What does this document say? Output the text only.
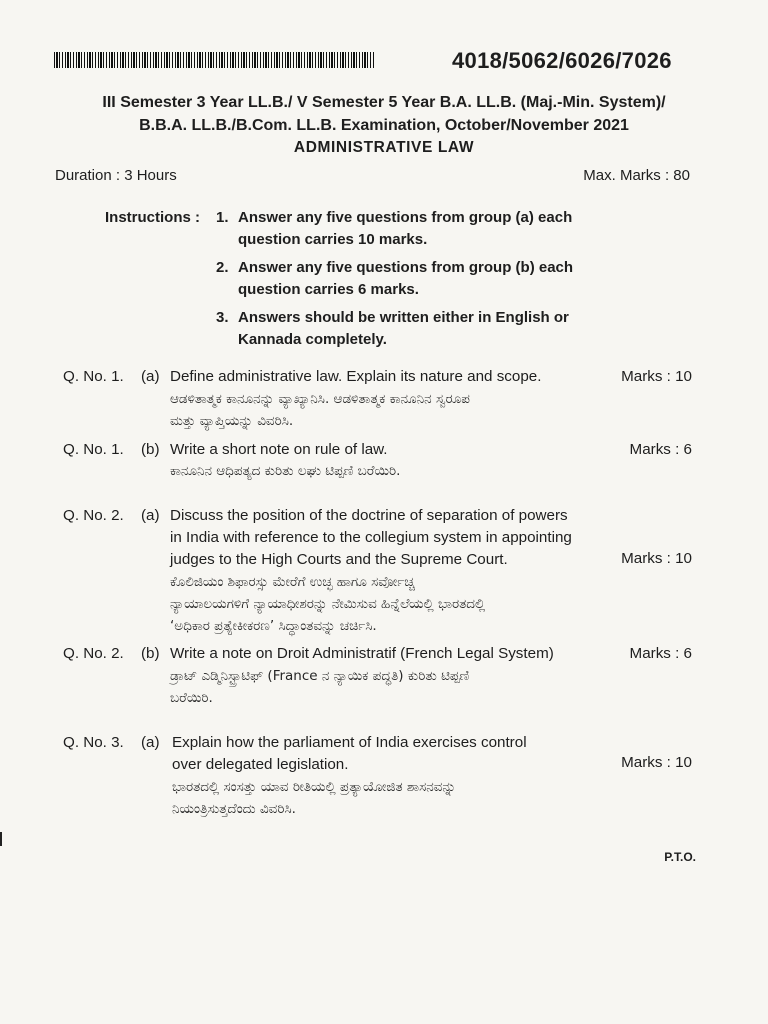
4018/5062/6026/7026
III Semester 3 Year LL.B./ V Semester 5 Year B.A. LL.B. (Maj.-Min. System)/
B.B.A. LL.B./B.Com. LL.B. Examination, October/November 2021
ADMINISTRATIVE LAW
Duration : 3 Hours	Max. Marks : 80
Instructions : 1. Answer any five questions from group (a) each
question carries 10 marks.
2. Answer any five questions from group (b) each
question carries 6 marks.
3. Answers should be written either in English or
Kannada completely.
Q. No. 1. (a) Define administrative law. Explain its nature and scope.
ಆಡಳಿತಾತ್ಮಕ ಕಾನೂನನ್ನು ವ್ಯಾಖ್ಯಾನಿಸಿ. ಆಡಳಿತಾತ್ಮಕ ಕಾನೂನಿನ ಸ್ವರೂಪ
ಮತ್ತು ವ್ಯಾಪ್ತಿಯನ್ನು ವಿವರಿಸಿ.
Marks : 10
Q. No. 1. (b) Write a short note on rule of law.
ಕಾನೂನಿನ ಆಧಿಪತ್ಯದ ಕುರಿತು ಲಘು ಟಿಪ್ಪಣಿ ಬರೆಯಿರಿ.
Marks : 6
Q. No. 2. (a) Discuss the position of the doctrine of separation of powers
in India with reference to the collegium system in appointing
judges to the High Courts and the Supreme Court.
ಕೊಲಿಜಿಯಂ ಶಿಫಾರಸ್ಸು ಮೇರೆಗೆ ಉಚ್ಛ ಹಾಗೂ ಸರ್ವೋಚ್ಚ
ನ್ಯಾಯಾಲಯಗಳಿಗೆ ನ್ಯಾಯಾಧೀಶರನ್ನು ನೇಮಿಸುವ ಹಿನ್ನೆಲೆಯಲ್ಲಿ ಭಾರತದಲ್ಲಿ
‘ಅಧಿಕಾರ ಪ್ರತ್ಯೇಕೀಕರಣ’ ಸಿದ್ಧಾಂತವನ್ನು ಚರ್ಚಿಸಿ.
Marks : 10
Q. No. 2. (b) Write a note on Droit Administratif (French Legal System)
ಡ್ರಾಟ್ ಎಡ್ಮಿನಿಸ್ಟ್ರಾಟಿಫ್ (France ನ ನ್ಯಾಯಿಕ ಪದ್ಧತಿ) ಕುರಿತು ಟಿಪ್ಪಣಿ
ಬರೆಯಿರಿ.
Marks : 6
Q. No. 3. (a) Explain how the parliament of India exercises control
over delegated legislation.
ಭಾರತದಲ್ಲಿ ಸಂಸತ್ತು ಯಾವ ರೀತಿಯಲ್ಲಿ ಪ್ರತ್ಯಾಯೋಜಿತ ಶಾಸನವನ್ನು
ನಿಯಂತ್ರಿಸುತ್ತದೆಂದು ವಿವರಿಸಿ.
Marks : 10
P.T.O.
